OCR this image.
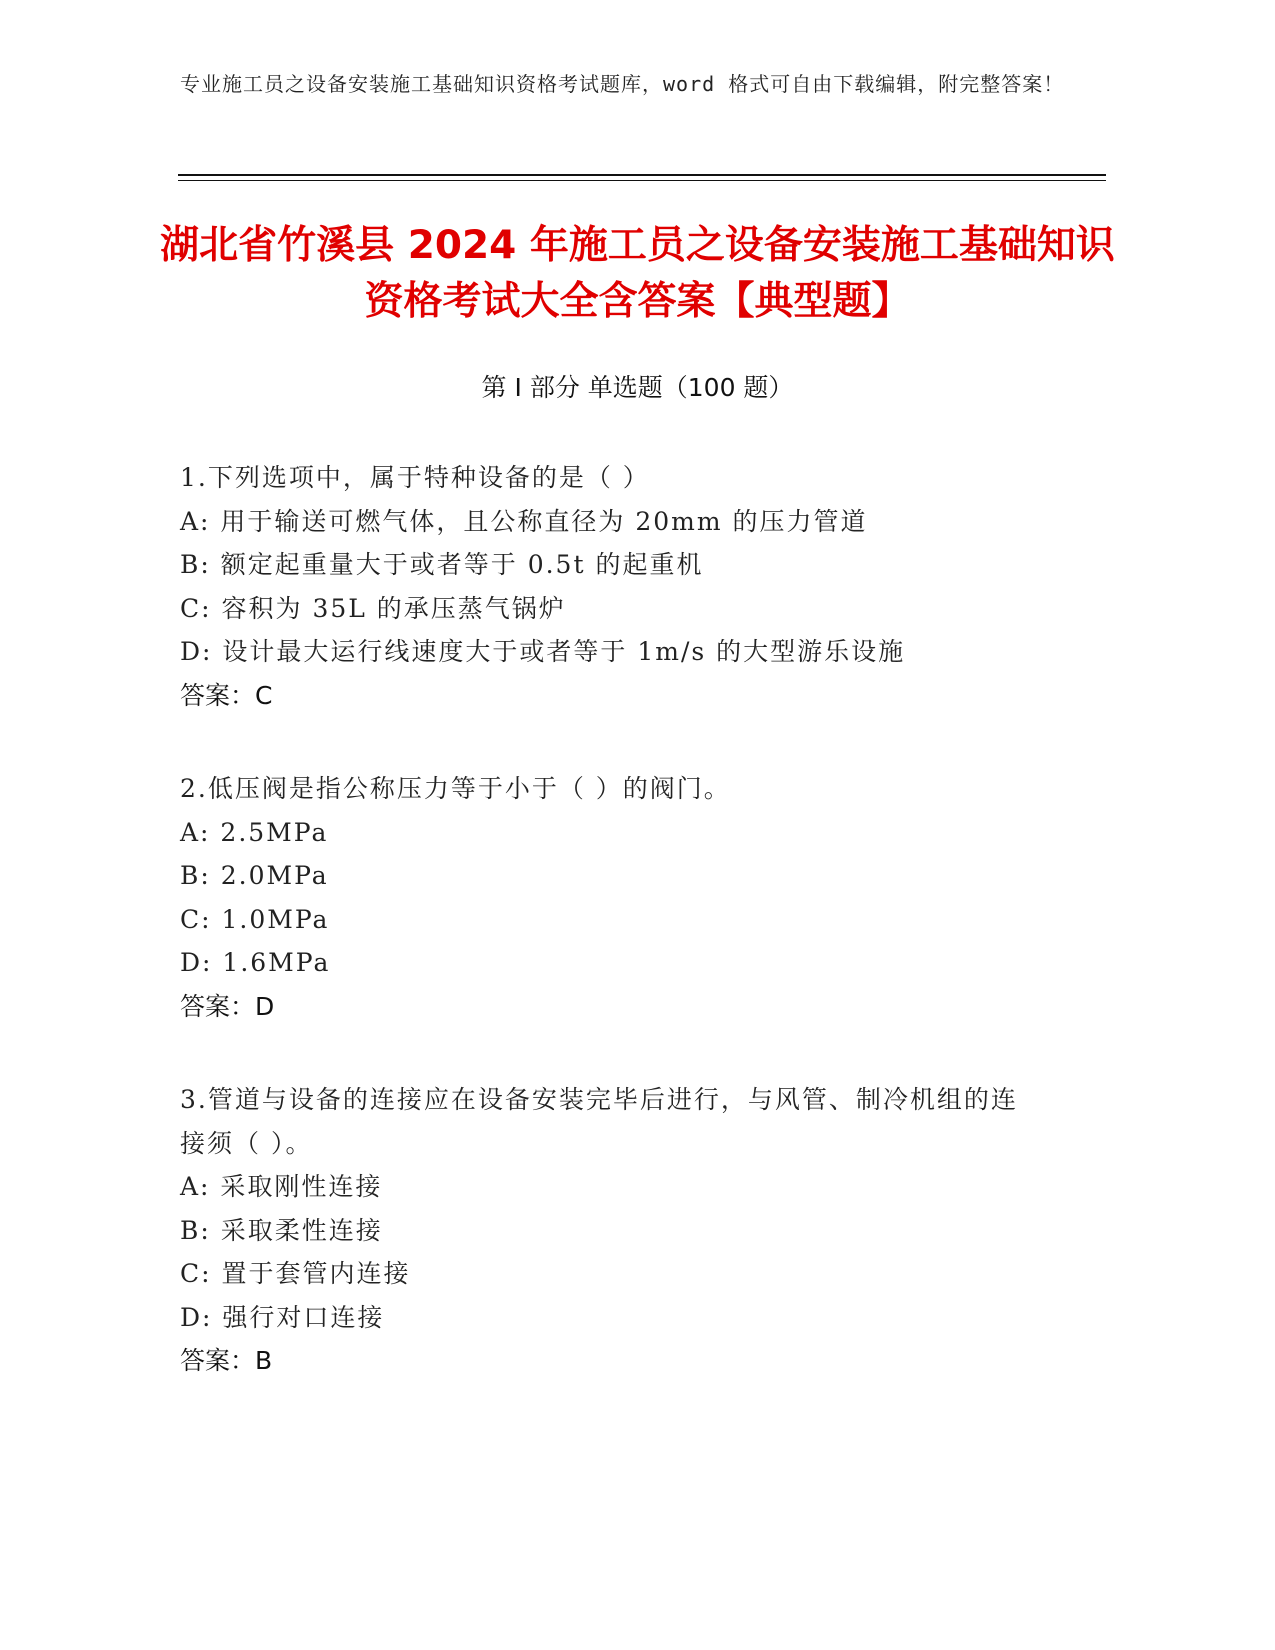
专业施工员之设备安装施工基础知识资格考试题库，word 格式可自由下载编辑，附完整答案！
湖北省竹溪县 2024 年施工员之设备安装施工基础知识资格考试大全含答案【典型题】
第 I 部分 单选题（100 题）
1.下列选项中，属于特种设备的是（ ）
A: 用于输送可燃气体，且公称直径为 20mm 的压力管道
B: 额定起重量大于或者等于 0.5t 的起重机
C: 容积为 35L 的承压蒸气锅炉
D: 设计最大运行线速度大于或者等于 1m/s 的大型游乐设施
答案：C
2.低压阀是指公称压力等于小于（ ）的阀门。
A: 2.5MPa
B: 2.0MPa
C: 1.0MPa
D: 1.6MPa
答案：D
3.管道与设备的连接应在设备安装完毕后进行，与风管、制冷机组的连接须（ ）。
A: 采取刚性连接
B: 采取柔性连接
C: 置于套管内连接
D: 强行对口连接
答案：B
